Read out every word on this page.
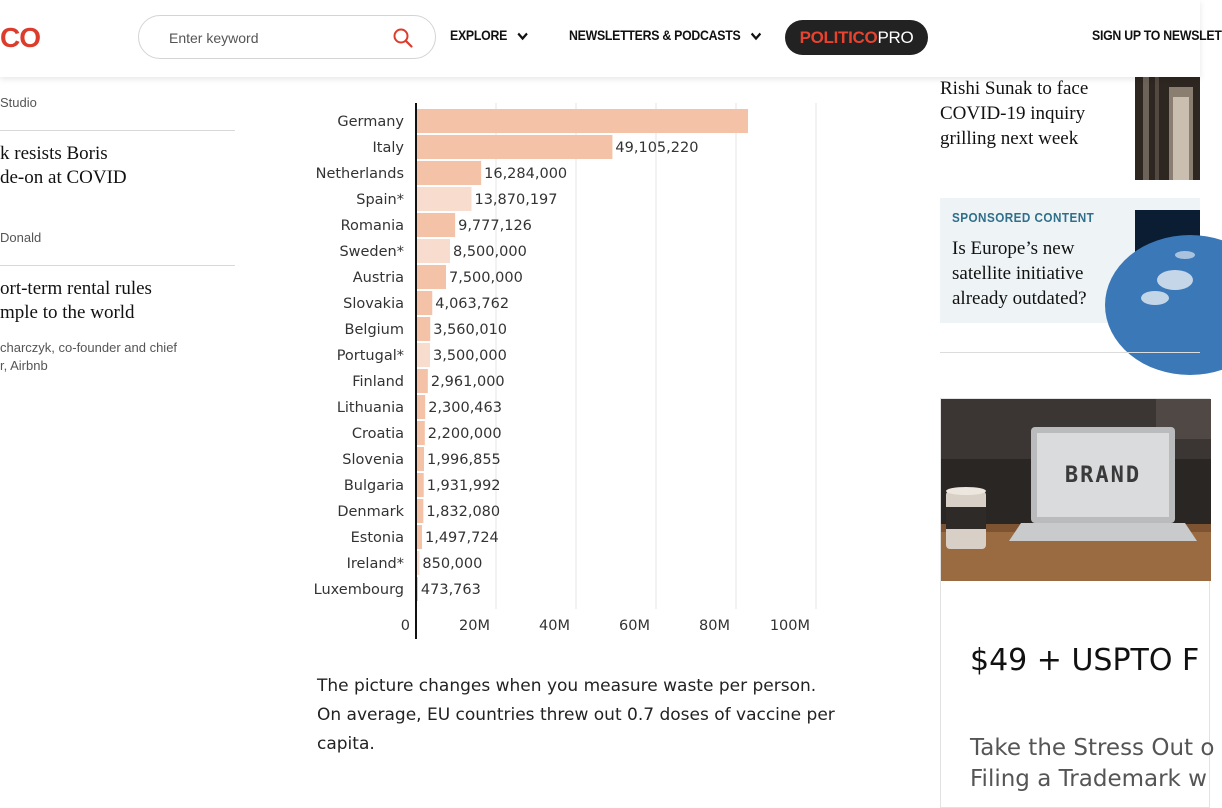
CO
Enter keyword	EXPLORE	NEWSLETTERS & PODCASTS	POLITICOPRO	SIGN UP TO NEWSLET
Studio
k resists Boris
de-on at COVID
Donald
ort-term rental rules
mple to the world
charczyk, co-founder and chief
r, Airbnb
Germany
Italy	49,105,220
Netherlands	16,284,000
Spain*	13,870,197
Romania	9,777,126
Sweden*	8,500,000
Austria	7,500,000
Slovakia 4,063,762
Belgium 3,560,010
Portugal* 3,500,000
Finland 2,961,000
Lithuania 2,300,463
Croatia 2,200,000
Slovenia 1,996,855
Bulgaria 1,931,992
Denmark 1,832,080
Estonia 1,497,724
Ireland* 850,000
Luxembourg 473,763
0	20M	40M	60M	80M	100M
The picture changes when you measure waste per person. On average, EU countries threw out 0.7 doses of vaccine per capita.
Rishi Sunak to face COVID-19 inquiry grilling next week
SPONSORED CONTENT
Is Europe’s new satellite initiative already outdated?
BRAND
$49 + USPTO F
Take the Stress Out o
Filing a Trademark w
